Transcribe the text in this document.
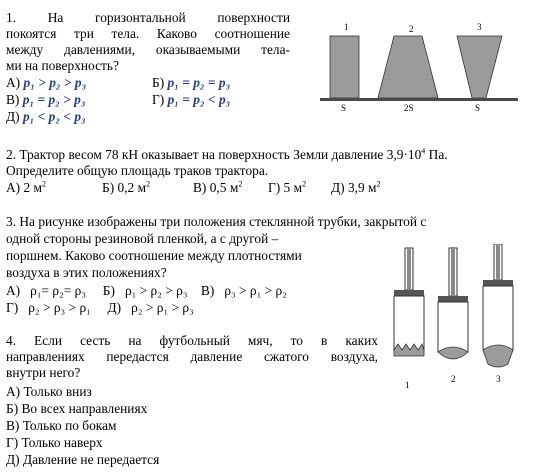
1. На горизонтальной поверхности
покоятся три тела. Каково соотношение
между давлениями, оказываемыми тела-
ми на поверхность?
А) p₁ > p₂ > p₃	Б) p₁ = p₂ = p₃
В) p₁ = p₂ > p₃	Г) p₁ = p₂ < p₃
Д) p₁ < p₂ < p₃
1	2	3
S	2S	S
2. Трактор весом 78 кН оказывает на поверхность Земли давление $3,9\cdot 10^4$ Па.
Определите общую площадь траков трактора.
А) 2 $м^2$	Б) 0,2 $м^2$	В) 0,5 $м^2$ Г) 5 $м^2$ Д) 3,9 $м^2$
3. На рисунке изображены три положения стеклянной трубки, закрытой с
одной стороны резиновой пленкой, а с другой –
поршнем. Каково соотношение между плотностями
воздуха в этих положениях?
А)   ρ₁= ρ₂= ρ₃     Б)   ρ₁ > ρ₂ > ρ₃    В)   ρ₃ > ρ₁ > ρ₂
Г)   ρ₂ > ρ₃ > ρ₁     Д)   ρ₂ > ρ₁ > ρ₃
1
2	3
4. Если сесть на футбольный мяч, то в каких
направлениях передастся давление сжатого воздуха,
внутри него?
А) Только вниз
Б) Во всех направлениях
В) Только по бокам
Г) Только наверх
Д) Давление не передается
